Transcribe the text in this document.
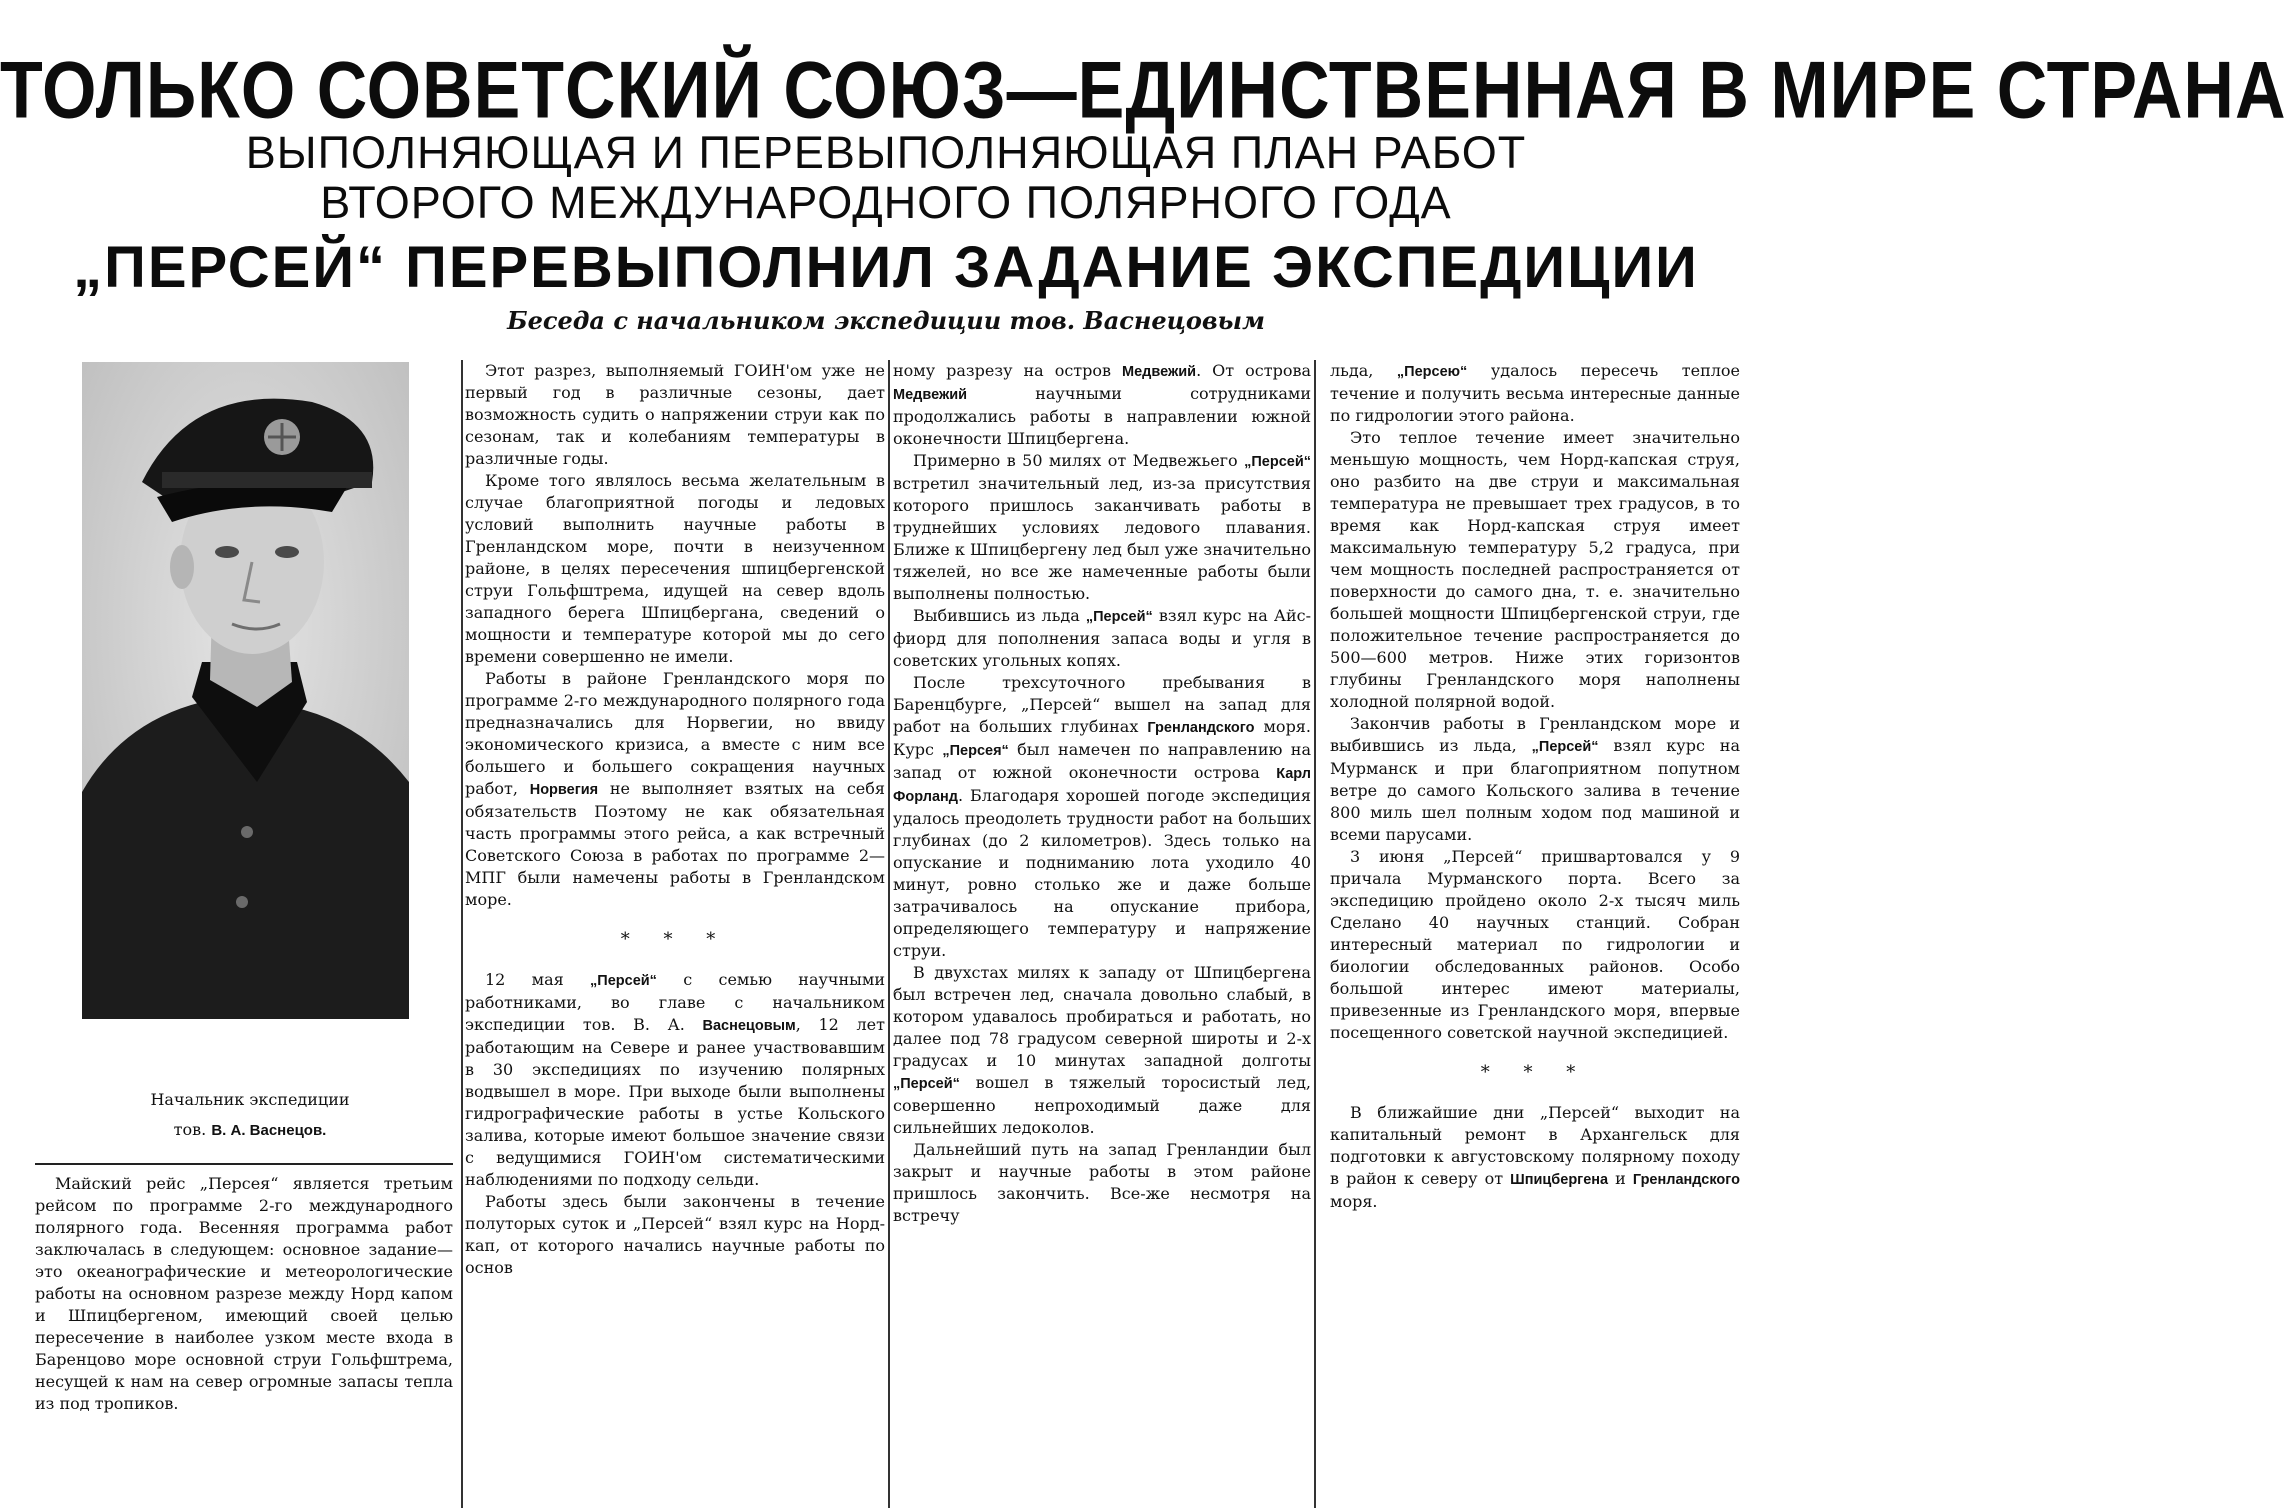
ТОЛЬКО СОВЕТСКИЙ СОЮЗ—ЕДИНСТВЕННАЯ В МИРЕ СТРАНА
ВЫПОЛНЯЮЩАЯ И ПЕРЕВЫПОЛНЯЮЩАЯ ПЛАН РАБОТ
ВТОРОГО МЕЖДУНАРОДНОГО ПОЛЯРНОГО ГОДА
„ПЕРСЕЙ“ ПЕРЕВЫПОЛНИЛ ЗАДАНИЕ ЭКСПЕДИЦИИ
Беседа с начальником экспедиции тов. Васнецовым
Начальник экспедиции
тов. В. А. Васнецов.

Майский рейс „Персея“ является третьим рейсом по программе 2-го международного полярного года. Весенняя программа работ заключалась в следующем: основное задание—это океанографические и метеорологические работы на основном разрезе между Норд капом и Шпицбергеном, имеющий своей целью пересечение в наиболее узком месте входа в Баренцово море основной струи Гольфштрема, несущей к нам на север огромные запасы тепла из под тропиков.

Этот разрез, выполняемый ГОИН'ом уже не первый год в различные сезоны, дает возможность судить о напряжении струи как по сезонам, так и колебаниям температуры в различные годы.

Кроме того являлось весьма желательным в случае благоприятной погоды и ледовых условий выполнить научные работы в Гренландском море, почти в неизученном районе, в целях пересечения шпицбергенской струи Гольфштрема, идущей на север вдоль западного берега Шпицбергана, сведений о мощности и температуре которой мы до сего времени совершенно не имели.

Работы в районе Гренландского моря по программе 2-го международного полярного года предназначались для Норвегии, но ввиду экономического кризиса, а вместе с ним все большего и большего сокращения научных работ, Норвегия не выполняет взятых на себя обязательств Поэтому не как обязательная часть программы этого рейса, а как встречный Советского Союза в работах по программе 2—МПГ были намечены работы в Гренландском море.

* * *

12 мая „Персей“ с семью научными работниками, во главе с начальником экспедиции тов. В. А. Васнецовым, 12 лет работающим на Севере и ранее участвовавшим в 30 экспедициях по изучению полярных водвышел в море. При выходе были выполнены гидрографические работы в устье Кольского залива, которые имеют большое значение связи с ведущимися ГОИН'ом систематическими наблюдениями по подходу сельди.

Работы здесь были закончены в течение полуторых суток и „Персей“ взял курс на Норд-кап, от которого начались научные работы по основ

ному разрезу на остров Медвежий. От острова Медвежий научными сотрудниками продолжались работы в направлении южной оконечности Шпицбергена.

Примерно в 50 милях от Медвежьего „Персей“ встретил значительный лед, из-за присутствия которого пришлось заканчивать работы в труднейших условиях ледового плавания. Ближе к Шпицбергену лед был уже значительно тяжелей, но все же намеченные работы были выполнены полностью.

Выбившись из льда „Персей“ взял курс на Айс-фиорд для пополнения запаса воды и угля в советских угольных копях.

После трехсуточного пребывания в Баренцбурге, „Персей“ вышел на запад для работ на больших глубинах Гренландского моря. Курс „Персея“ был намечен по направлению на запад от южной оконечности острова Карл Форланд. Благодаря хорошей погоде экспедиция удалось преодолеть трудности работ на больших глубинах (до 2 километров). Здесь только на опускание и подниманию лота уходило 40 минут, ровно столько же и даже больше затрачивалось на опускание прибора, определяющего температуру и напряжение струи.

В двухстах милях к западу от Шпицбергена был встречен лед, сначала довольно слабый, в котором удавалось пробираться и работать, но далее под 78 градусом северной широты и 2-х градусах и 10 минутах западной долготы „Персей“ вошел в тяжелый торосистый лед, совершенно непроходимый даже для сильнейших ледоколов.

Дальнейший путь на запад Гренландии был закрыт и научные работы в этом районе пришлось закончить. Все-же несмотря на встречу

льда, „Персею“ удалось пересечь теплое течение и получить весьма интересные данные по гидрологии этого района.

Это теплое течение имеет значительно меньшую мощность, чем Норд-капская струя, оно разбито на две струи и максимальная температура не превышает трех градусов, в то время как Норд-капская струя имеет максимальную температуру 5,2 градуса, при чем мощность последней распространяется от поверхности до самого дна, т. е. значительно большей мощности Шпицбергенской струи, где положительное течение распространяется до 500—600 метров. Ниже этих горизонтов глубины Гренландского моря наполнены холодной полярной водой.

Закончив работы в Гренландском море и выбившись из льда, „Персей“ взял курс на Мурманск и при благоприятном попутном ветре до самого Кольского залива в течение 800 миль шел полным ходом под машиной и всеми парусами.

3 июня „Персей“ пришвартовался у 9 причала Мурманского порта. Всего за экспедицию пройдено около 2-х тысяч миль Сделано 40 научных станций. Собран интересный материал по гидрологии и биологии обследованных районов. Особо большой интерес имеют материалы, привезенные из Гренландского моря, впервые посещенного советской научной экспедицией.

* * *

В ближайшие дни „Персей“ выходит на капитальный ремонт в Архангельск для подготовки к августовскому полярному походу в район к северу от Шпицбергена и Гренландского моря.
